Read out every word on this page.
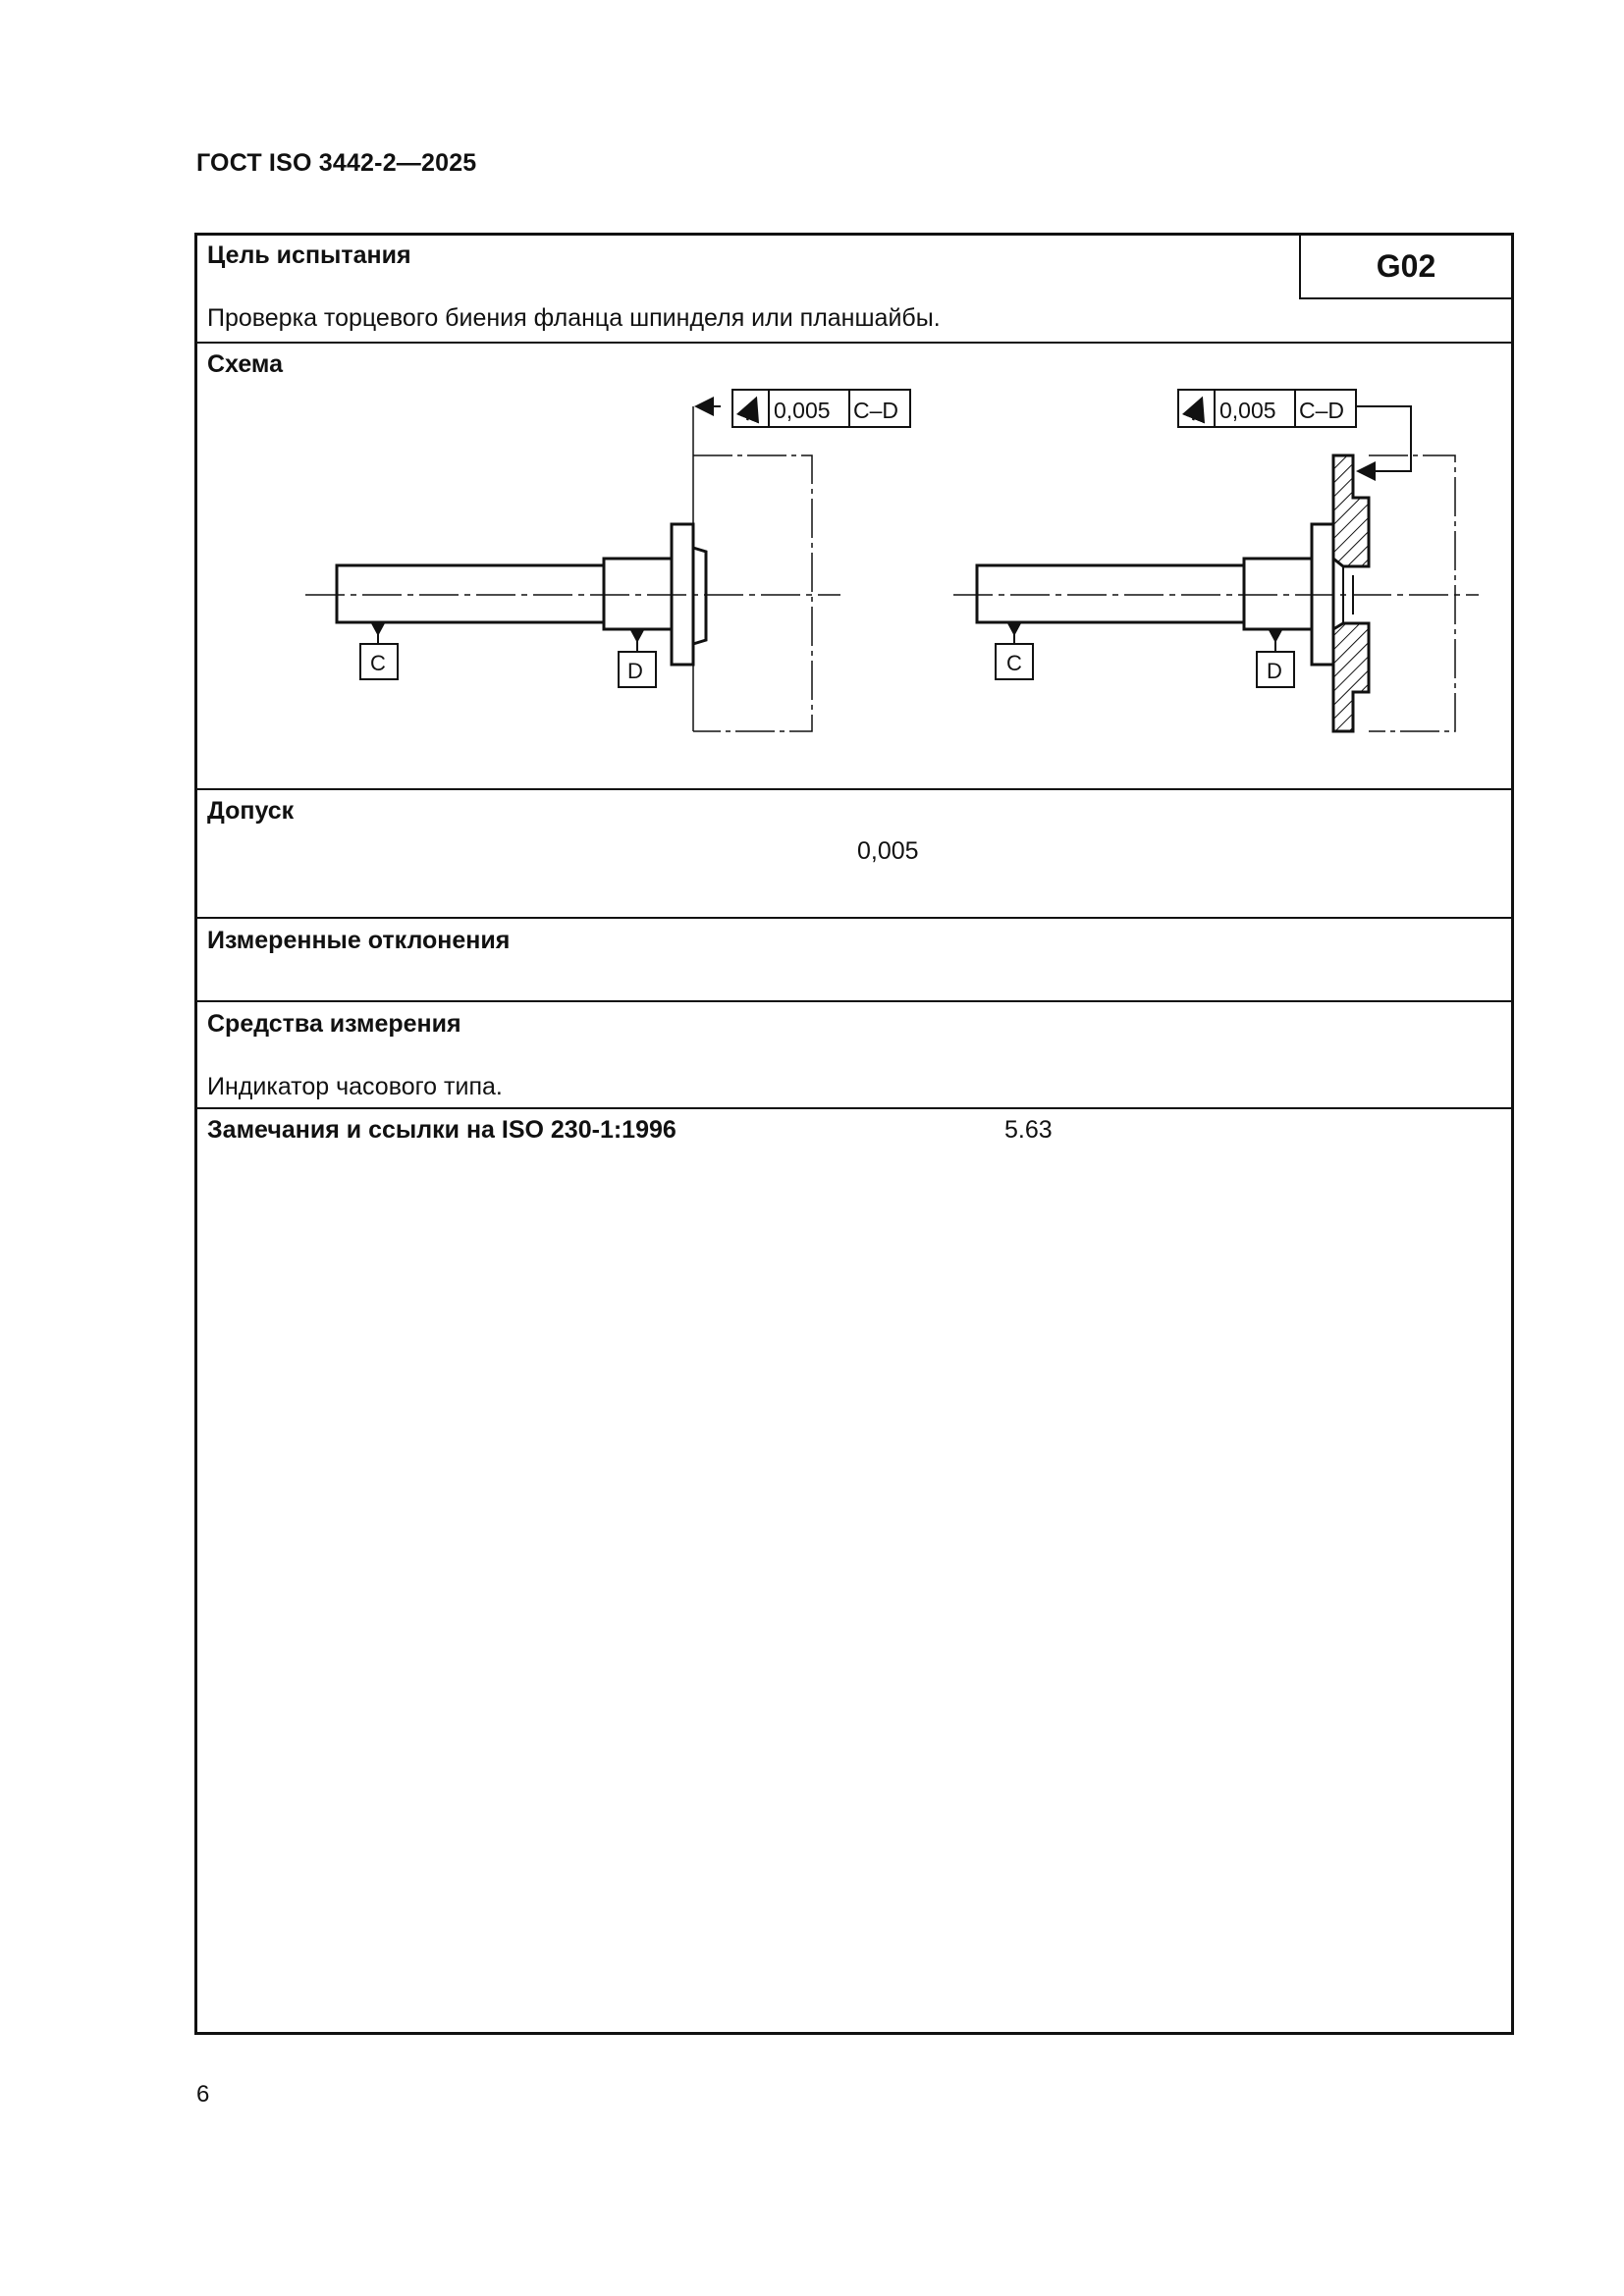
ГОСТ ISO 3442-2—2025
G02
Цель испытания
Проверка торцевого биения фланца шпинделя или планшайбы.
Схема
0,005 C–D
C	D
0,005 C–D
C	D
Допуск
0,005
Измеренные отклонения
Средства измерения
Индикатор часового типа.
Замечания и ссылки на ISO 230-1:1996	5.63
6
